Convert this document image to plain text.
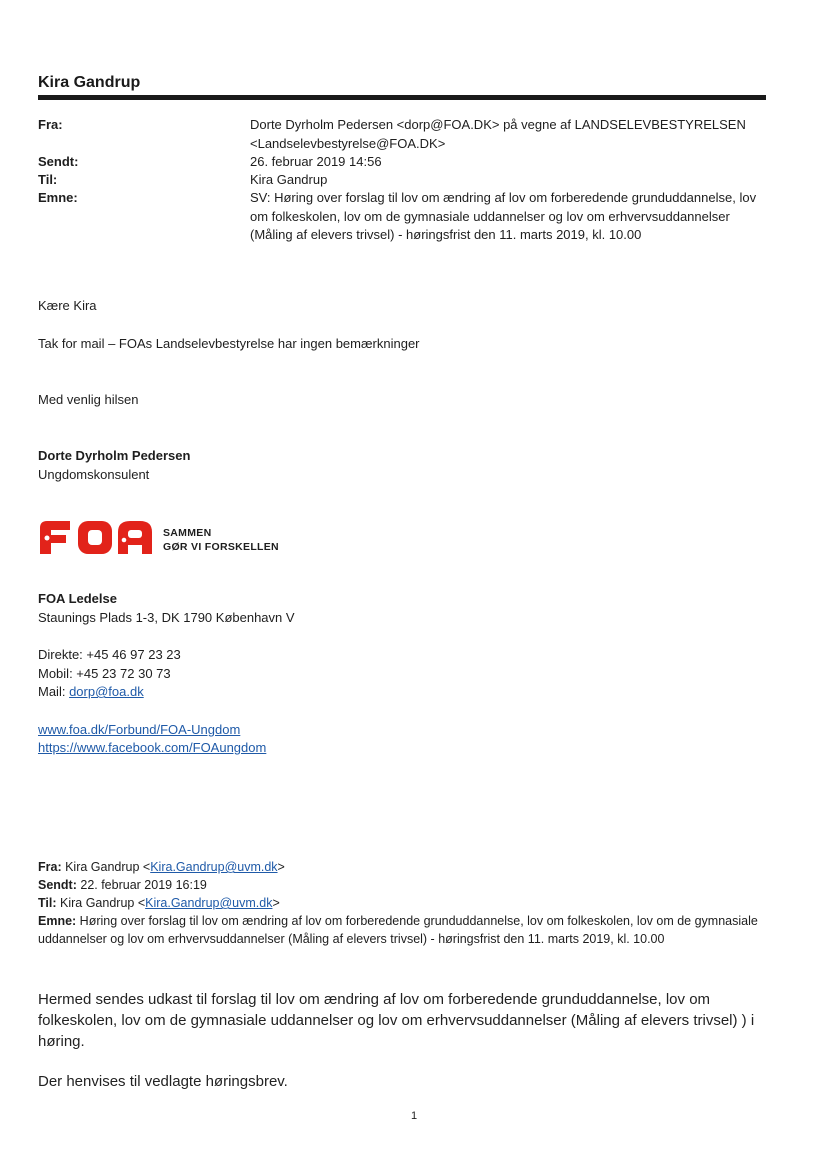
Kira Gandrup
Fra:	Dorte Dyrholm Pedersen <dorp@FOA.DK> på vegne af LANDSELEVBESTYRELSEN <Landselevbestyrelse@FOA.DK>
Sendt:	26. februar 2019 14:56
Til:	Kira Gandrup
Emne:	SV: Høring over forslag til lov om ændring af lov om forberedende grunduddannelse, lov om folkeskolen, lov om de gymnasiale uddannelser og lov om erhvervsuddannelser (Måling af elevers trivsel) - høringsfrist den 11. marts 2019, kl. 10.00
Kære Kira
Tak for mail – FOAs Landselevbestyrelse har ingen bemærkninger
Med venlig hilsen
Dorte Dyrholm Pedersen
Ungdomskonsulent
SAMMEN
GØR VI FORSKELLEN
FOA Ledelse
Staunings Plads 1-3, DK 1790 København V
Direkte: +45 46 97 23 23
Mobil: +45 23 72 30 73
Mail: dorp@foa.dk
www.foa.dk/Forbund/FOA-Ungdom
https://www.facebook.com/FOAungdom
Fra: Kira Gandrup <Kira.Gandrup@uvm.dk>
Sendt: 22. februar 2019 16:19
Til: Kira Gandrup <Kira.Gandrup@uvm.dk>
Emne: Høring over forslag til lov om ændring af lov om forberedende grunduddannelse, lov om folkeskolen, lov om de gymnasiale uddannelser og lov om erhvervsuddannelser (Måling af elevers trivsel) - høringsfrist den 11. marts 2019, kl. 10.00
Hermed sendes udkast til forslag til lov om ændring af lov om forberedende grunduddannelse, lov om folkeskolen, lov om de gymnasiale uddannelser og lov om erhvervsuddannelser (Måling af elevers trivsel) ) i høring.
Der henvises til vedlagte høringsbrev.
1
